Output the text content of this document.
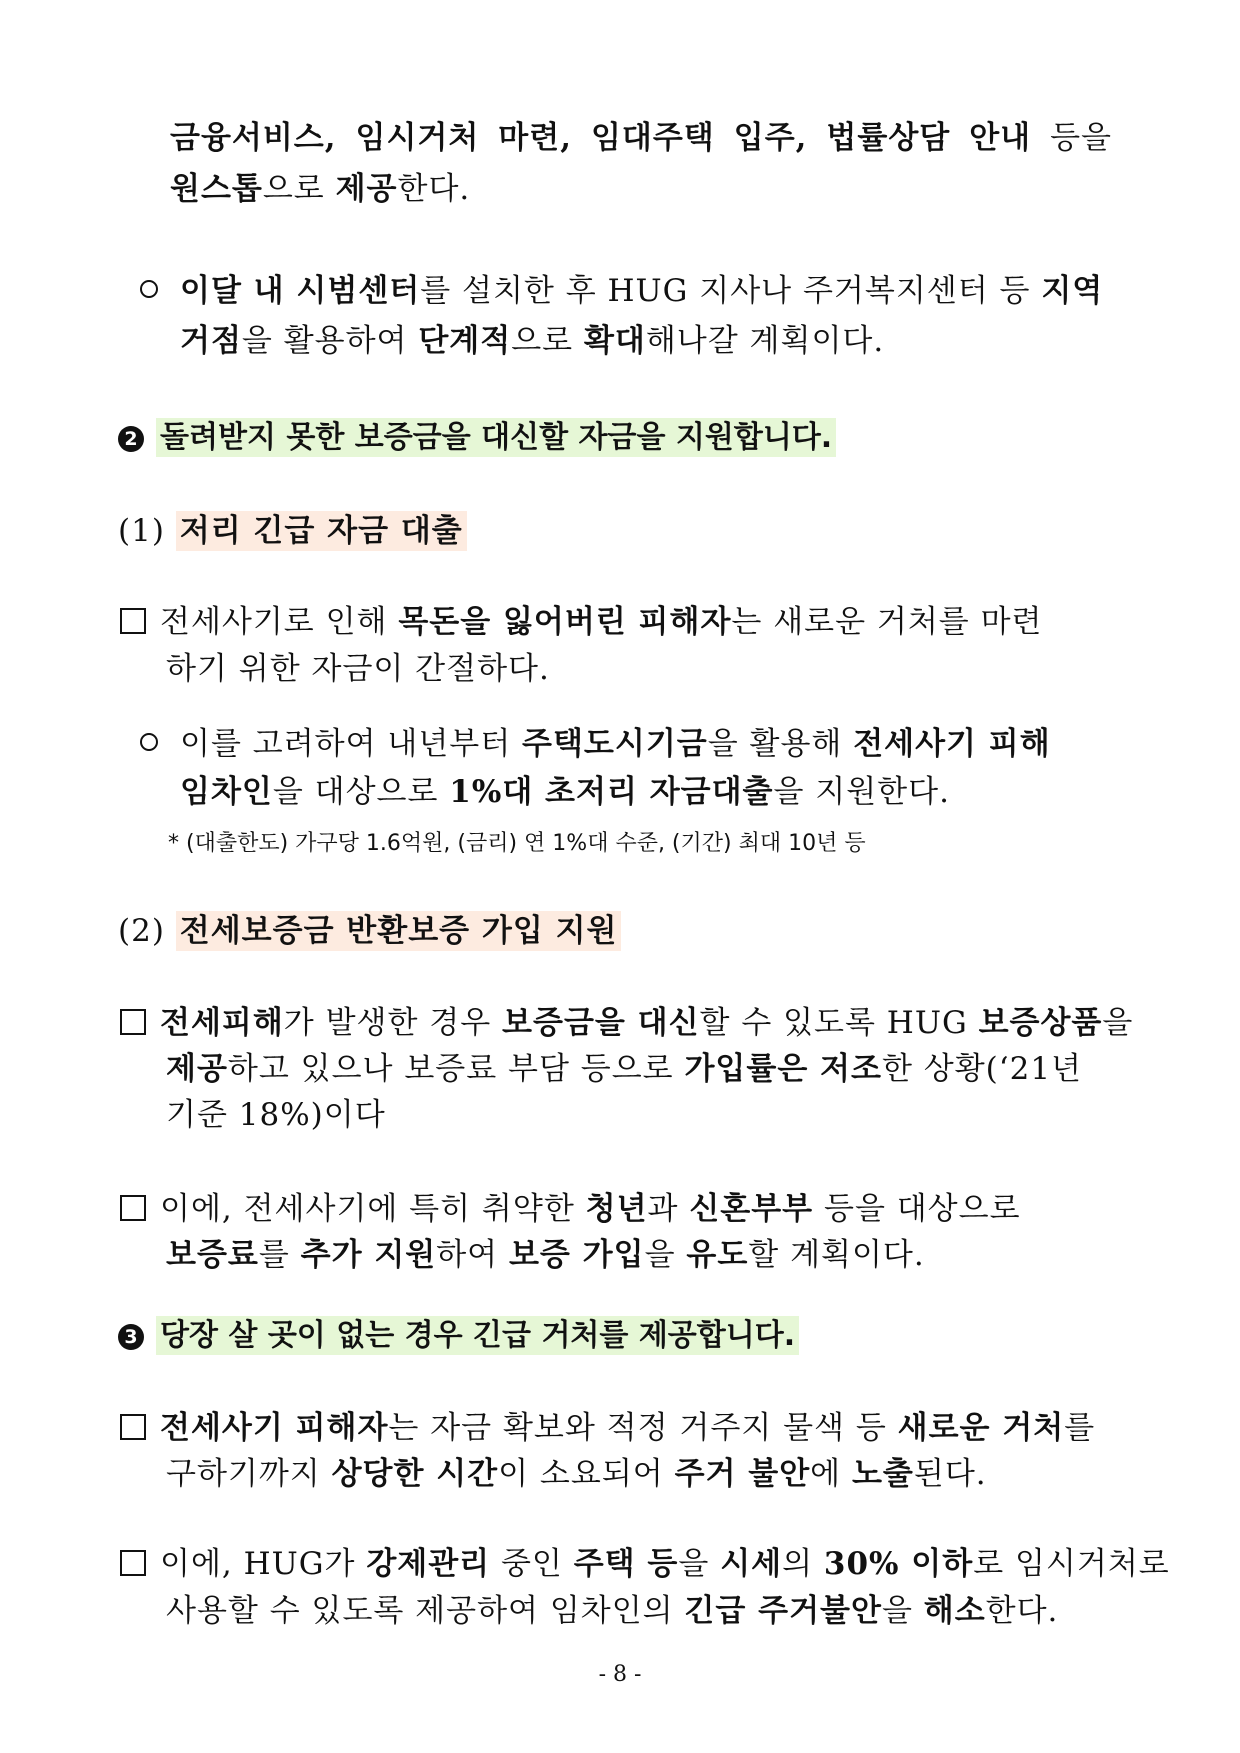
금융서비스, 임시거처 마련, 임대주택 입주, 법률상담 안내 등을
원스톱으로 제공한다.
이달 내 시범센터를 설치한 후 HUG 지사나 주거복지센터 등 지역
거점을 활용하여 단계적으로 확대해나갈 계획이다.
2 돌려받지 못한 보증금을 대신할 자금을 지원합니다.
(1) 저리 긴급 자금 대출
전세사기로 인해 목돈을 잃어버린 피해자는 새로운 거처를 마련
하기 위한 자금이 간절하다.
이를 고려하여 내년부터 주택도시기금을 활용해 전세사기 피해
임차인을 대상으로 1%대 초저리 자금대출을 지원한다.
* (대출한도) 가구당 1.6억원, (금리) 연 1%대 수준, (기간) 최대 10년 등
(2) 전세보증금 반환보증 가입 지원
전세피해가 발생한 경우 보증금을 대신할 수 있도록 HUG 보증상품을
제공하고 있으나 보증료 부담 등으로 가입률은 저조한 상황(‘21년
기준 18%)이다
이에, 전세사기에 특히 취약한 청년과 신혼부부 등을 대상으로
보증료를 추가 지원하여 보증 가입을 유도할 계획이다.
3 당장 살 곳이 없는 경우 긴급 거처를 제공합니다.
전세사기 피해자는 자금 확보와 적정 거주지 물색 등 새로운 거처를
구하기까지 상당한 시간이 소요되어 주거 불안에 노출된다.
이에, HUG가 강제관리 중인 주택 등을 시세의 30% 이하로 임시거처로
사용할 수 있도록 제공하여 임차인의 긴급 주거불안을 해소한다.
- 8 -
